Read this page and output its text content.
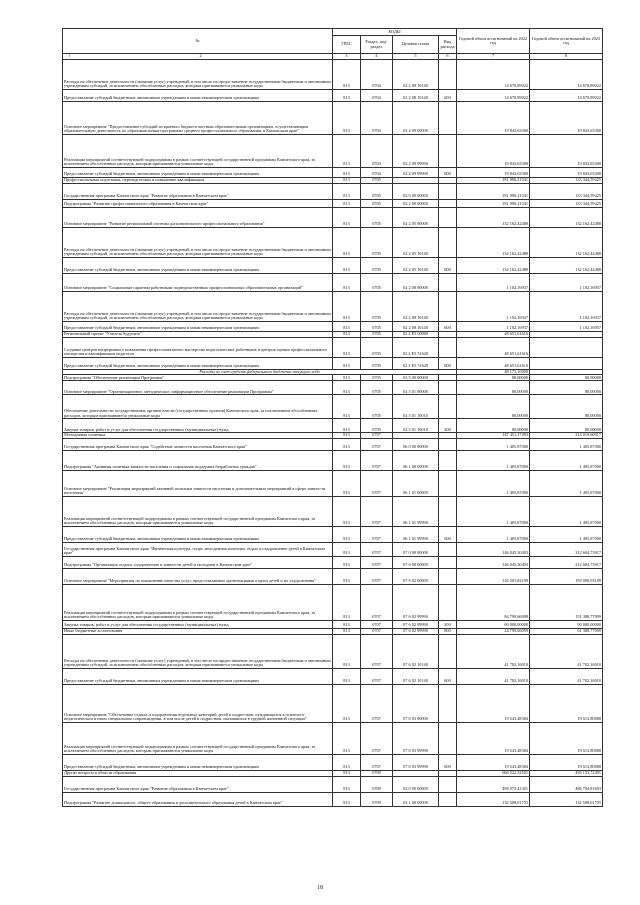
№	КОДЫ				Годовой объем ассигнований на 2022 год	Годовой объем ассигнований на 2023 год
	ГРБС	Раздел, под- раздел	Целевая статья	Вид расхода		

1 2	3	4	5	6	7	8
Расходы на обеспечение деятельности (оказание услуг) учреждений, в том числе на предоставление государственным бюджетным и автономным учреждениям субсидий, за исключением обособленных расходов, которым присваиваются уникальные коды	813	0704	02 2 08 10140		14 670,89022	14 670,89022
Предоставление субсидий бюджетным, автономным учреждениям и иным некоммерческим организациям	813	0704	02 2 08 10140	600	14 670,89022	14 670,89022
Основное мероприятие "Предоставление субсидий из краевого бюджета частным образовательным организациям, осуществляющим образовательную деятельность по образовательным программам среднего профессионального образования, в Камчатском крае"	813	0704	02 2 09 00000		19 843,63300	19 843,63300
Реализация мероприятий соответствующей подпрограммы в рамках соответствующей государственной программы Камчатского края, за исключением обособленных расходов, которым присваиваются уникальные коды	813	0704	02 2 09 99990		19 843,63300	19 843,63300
Предоставление субсидий бюджетным, автономным учреждениям и иным некоммерческим организациям	813	0704	02 2 09 99990	600	19 843,63300	19 843,63300
Профессиональная подготовка, переподготовка и повышение квалификации	813	0705			181 996,21041	133 344,59425
Государственная программа Камчатского края "Развитие образования в Камчатском крае"	813	0705	02 0 00 00000		181 996,21041	133 344,59425
Подпрограмма "Развитие профессионального образования в Камчатском крае"	813	0705	02 2 00 00000		181 996,21041	133 344,59425
Основное мероприятие "Развитие региональной системы дополнительного профессионального образования"	813	0705	02 2 05 00000		132 162,42488	132 162,42488
Расходы на обеспечение деятельности (оказание услуг) учреждений, в том числе на предоставление государственным бюджетным и автономным учреждениям субсидий, за исключением обособленных расходов, которым присваиваются уникальные коды	813	0705	02 2 05 10140		132 162,42488	132 162,42488
Предоставление субсидий бюджетным, автономным учреждениям и иным некоммерческим организациям	813	0705	02 2 05 10140	600	132 162,42488	132 162,42488
Основное мероприятие "Социальные гарантии работникам подведомственных профессиональных образовательных организаций"	813	0705	02 2 08 00000		1 102,16937	1 102,16937
Расходы на обеспечение деятельности (оказание услуг) учреждений, в том числе на предоставление государственным бюджетным и автономным учреждениям субсидий, за исключением обособленных расходов, которым присваиваются уникальные коды	813	0705	02 2 08 10140		1 102,16937	1 102,16937
Предоставление субсидий бюджетным, автономным учреждениям и иным некоммерческим организациям	813	0705	02 2 08 10140	600	1 102,16937	1 102,16937
Региональный проект "Учитель будущего"	813	0705	02 2 E5 00000		48 651,61616	
Создание центров непрерывного повышения профессионального мастерства педагогических работников и центров оценки профессионального мастерства и квалификации педагогов	813	0705	02 2 E5 51620		48 651,61616	
Предоставление субсидий бюджетным, автономным учреждениям и иным некоммерческим организациям	813	0705	02 2 E5 51620	600	48 651,61616	
Расходы за счет средств федерального бюджета текущего года					48 173,10000	
Подпрограмма "Обеспечение реализации Программы"	813	0705	02 5 00 00000		80,00000	80,00000
Основное мероприятие "Организационное, методическое, информационное обеспечение реализации Программы"	813	0705	02 5 01 00000		80,00000	80,00000
Обеспечение деятельности государственных органов власти (государственных органов) Камчатского края, за исключением обособленных расходов, которым присваиваются уникальные коды	813	0705	02 5 01 10010		80,00000	80,00000
Закупка товаров, работ и услуг для обеспечения государственных (муниципальных) нужд	813	0705	02 5 01 10010	200	80,00000	80,00000
Молодежная политика	813	0707			147 451,17493	214 010,60917
Государственная программа Камчатского края "Содействие занятости населения Камчатского края"	813	0707	06 0 00 00000		1 405,87000	1 405,87000
Подпрограмма "Активная политика занятости населения и социальная поддержка безработных граждан"	813	0707	06 1 00 00000		1 405,87000	1 405,87000
Основное мероприятие "Реализация мероприятий активной политики занятости населения и дополнительных мероприятий в сфере занятости населения"	813	0707	06 1 01 00000		1 405,87000	1 405,87000
Реализация мероприятий соответствующей подпрограммы в рамках соответствующей государственной программы Камчатского края, за исключением обособленных расходов, которым присваиваются уникальные коды	813	0707	06 1 01 99990		1 405,87000	1 405,87000
Предоставление субсидий бюджетным, автономным учреждениям и иным некоммерческим организациям	813	0707	06 1 01 99990	600	1 405,87000	1 405,87000
Государственная программа Камчатского края "Физическая культура, спорт, молодежная политика, отдых и оздоровление детей в Камчатском крае"	813	0707	07 0 00 00000		146 045,30493	212 604,73917
Подпрограмма "Организация отдыха, оздоровления и занятости детей и молодежи в Камчатском крае"	813	0707	07 6 00 00000		146 045,30493	212 604,73917
Основное мероприятие "Мероприятия по повышению качества услуг, предоставляемых организациями отдыха детей и их оздоровления"	813	0707	07 6 02 00000		126 501,82109	193 090,93109
Реализация мероприятий соответствующей подпрограммы в рамках соответствующей государственной программы Камчатского края, за исключением обособленных расходов, которым присваиваются уникальные коды	813	0707	07 6 02 99990		84 799,66099	151 388,77099
Закупка товаров, работ и услуг для обеспечения государственных (муниципальных) нужд	813	0707	07 6 02 99990	200	60 000,00000	90 000,00000
Иные бюджетные ассигнования	813	0707	07 6 02 99990	800	24 799,66099	61 388,77099
Расходы на обеспечение деятельности (оказание услуг) учреждений, в том числе на предоставление государственным бюджетным и автономным учреждениям субсидий, за исключением обособленных расходов, которым присваиваются уникальные коды	813	0707	07 6 02 10140		41 702,16010	41 702,16010
Предоставление субсидий бюджетным, автономным учреждениям и иным некоммерческим организациям	813	0707	07 6 02 10140	600	41 702,16010	41 702,16010
Основное мероприятие "Обеспечение отдыха и оздоровления отдельных категорий детей и подростков, нуждающихся в психолого-педагогическом и ином специальном сопровождении, в том числе детей и подростков, оказавшихся в трудной жизненной ситуации"	813	0707	07 6 03 00000		19 543,48384	19 513,80808
Реализация мероприятий соответствующей подпрограммы в рамках соответствующей государственной программы Камчатского края, за исключением обособленных расходов, которым присваиваются уникальные коды	813	0707	07 6 03 99990		19 543,48384	19 513,80808
Предоставление субсидий бюджетным, автономным учреждениям и иным некоммерческим организациям	813	0707	07 6 03 99990	600	19 543,48384	19 513,80808
Другие вопросы в области образования	813	0709			666 522,32501	495 153,72491
Государственная программа Камчатского края "Развитие образования в Камчатском крае"	813	0709	02 0 00 00000		498 073,41301	486 704,81693
Подпрограмма "Развитие дошкольного, общего образования и дополнительного образования детей в Камчатском крае"	813	0709	02 1 00 00000		132 508,01755	132 508,01755
18
